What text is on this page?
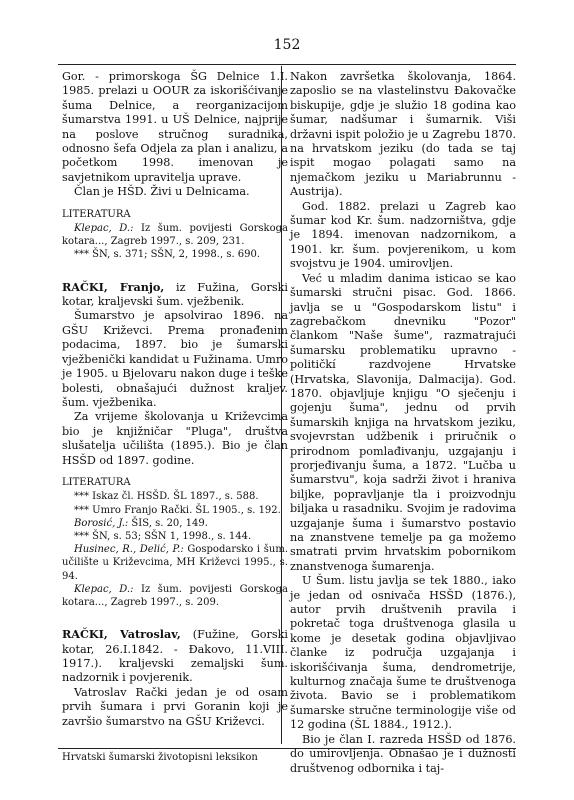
152

Gor. - primorskoga ŠG Delnice 1.I. 1985. prelazi u OOUR za iskorišćivanje šuma Delnice, a reorganizacijom šumarstva 1991. u UŠ Delnice, najprije na poslove stručnog suradnika, odnosno šefa Odjela za plan i analizu, a početkom 1998. imenovan je savjetnikom upravitelja uprave.

Član je HŠD. Živi u Delnicama.

LITERATURA

Klepac, D.: Iz šum. povijesti Gorskoga kotara..., Zagreb 1997., s. 209, 231.

*** ŠN, s. 371; SŠN, 2, 1998., s. 690.

RAČKI, Franjo, iz Fužina, Gorski kotar, kraljevski šum. vježbenik.

Šumarstvo je apsolvirao 1896. na GŠU Križevci. Prema pronađenim podacima, 1897. bio je šumarski vježbenički kandidat u Fužinama. Umro je 1905. u Bjelovaru nakon duge i teške bolesti, obnašajući dužnost kraljev. šum. vježbenika.

Za vrijeme školovanja u Križevcima bio je knjižničar "Pluga", društva slušatelja učilišta (1895.). Bio je član HSŠD od 1897. godine.

LITERATURA

*** Iskaz čl. HSŠD. ŠL 1897., s. 588.

*** Umro Franjo Rački. ŠL 1905., s. 192.

Borosić, J.: ŠIS, s. 20, 149.

*** ŠN, s. 53; SŠN 1, 1998., s. 144.

Husinec, R., Delić, P.: Gospodarsko i šum. učilište u Križevcima, MH Križevci 1995., s. 94.

Klepac, D.: Iz šum. povijesti Gorskoga kotara..., Zagreb 1997., s. 209.

RAČKI, Vatroslav, (Fužine, Gorski kotar, 26.I.1842. - Đakovo, 11.VIII. 1917.). kraljevski zemaljski šum. nadzornik i povjerenik.

Vatroslav Rački jedan je od osam prvih šumara i prvi Goranin koji je završio šumarstvo na GŠU Križevci.

Nakon završetka školovanja, 1864. zaposlio se na vlastelinstvu Đakovačke biskupije, gdje je služio 18 godina kao šumar, nadšumar i šumarnik. Viši državni ispit položio je u Zagrebu 1870. na hrvatskom jeziku (do tada se taj ispit mogao polagati samo na njemačkom jeziku u Mariabrunnu - Austrija).

God. 1882. prelazi u Zagreb kao šumar kod Kr. šum. nadzorništva, gdje je 1894. imenovan nadzornikom, a 1901. kr. šum. povjerenikom, u kom svojstvu je 1904. umirovljen.

Već u mladim danima isticao se kao šumarski stručni pisac. God. 1866. javlja se u "Gospodarskom listu" i zagrebačkom dnevniku "Pozor" člankom "Naše šume", razmatrajući šumarsku problematiku upravno - političkí razdvojene Hrvatske (Hrvatska, Slavonija, Dalmacija). God. 1870. objavljuje knjigu "O sječenju i gojenju šuma", jednu od prvih šumarskih knjiga na hrvatskom jeziku, svojevrstan udžbenik i priručnik o prirodnom pomlađivanju, uzgajanju i prorjeđivanju šuma, a 1872. "Lučba u šumarstvu", koja sadrži život i hraniva biljke, popravljanje tla i proizvodnju biljaka u rasadniku. Svojim je radovima uzgajanje šuma i šumarstvo postavio na znanstvene temelje pa ga možemo smatrati prvim hrvatskim pobornikom znanstvenoga šumarenja.

U Šum. listu javlja se tek 1880., iako je jedan od osnivača HSŠD (1876.), autor prvih društvenih pravila i pokretač toga društvenoga glasila u kome je desetak godina objavljivao članke iz područja uzgajanja i iskorišćivanja šuma, dendrometrije, kulturnog značaja šume te društvenoga života. Bavio se i problematikom šumarske stručne terminologije više od 12 godina (ŠL 1884., 1912.).

Bio je član I. razreda HSŠD od 1876. do umirovljenja. Obnašao je i dužnosti društvenog odbornika i taj-

Hrvatski šumarski životopisni leksikon
